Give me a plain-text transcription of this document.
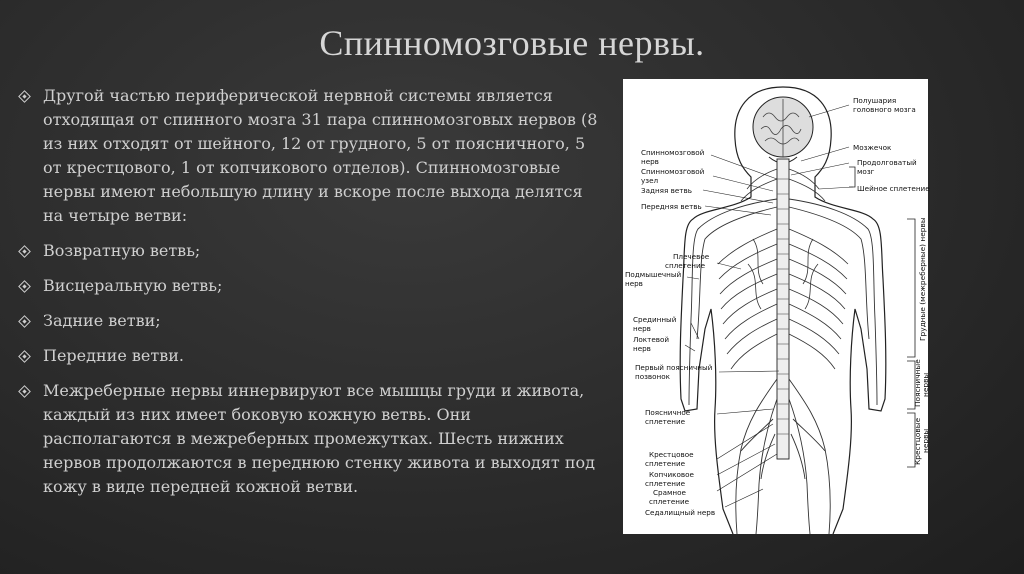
Спинномозговые нервы.
Другой частью периферической нервной системы является отходящая от спинного мозга 31 пара спинномозговых нервов (8 из них отходят от шейного, 12 от грудного, 5 от поясничного, 5 от крестцового, 1 от копчикового отделов). Спинномозговые нервы имеют небольшую длину и вскоре после выхода делятся на четыре ветви:
Возвратную ветвь;
Висцеральную ветвь;
Задние ветви;
Передние ветви.
Межреберные нервы иннервируют все мышцы груди и живота, каждый из них имеет боковую кожную ветвь. Они располагаются в межреберных промежутках. Шесть нижних нервов продолжаются в переднюю стенку живота и выходят под кожу в виде передней кожной ветви.
Полушария
головного мозга
Мозжечок
Продолговатый
мозг
Шейное сплетение
Спинномозговой
нерв
Спинномозговой
узел
Задняя ветвь
Передняя ветвь
Плечевое
сплетение
Подмышечный
нерв
Срединный
нерв
Локтевой
нерв
Первый поясничный
позвонок
Поясничное
сплетение
Крестцовое
сплетение
Копчиковое
сплетение
Срамное
сплетение
Седалищный нерв
Грудные (межреберные) нервы
Поясничные нервы
Крестцовые нервы
